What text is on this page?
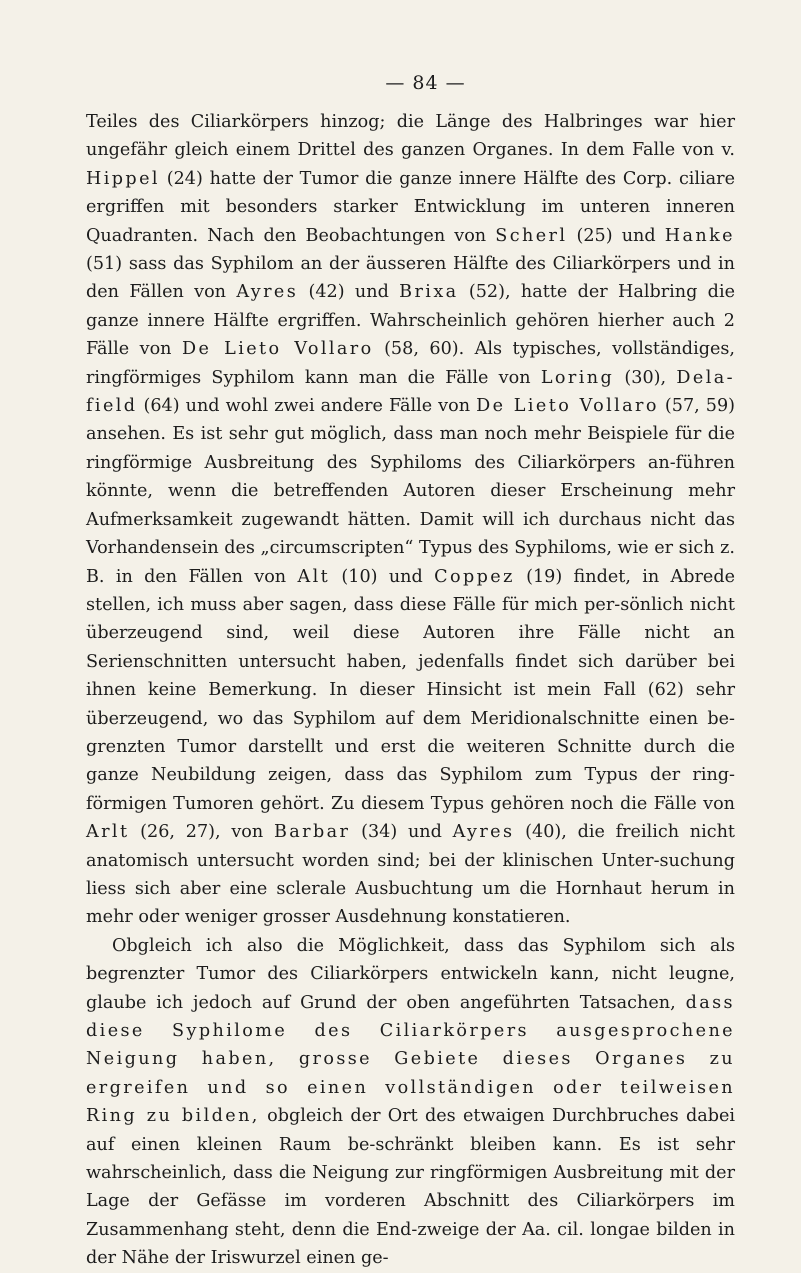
— 84 —

Teiles des Ciliarkörpers hinzog; die Länge des Halbringes war hier ungefähr gleich einem Drittel des ganzen Organes. In dem Falle von v. Hippel (24) hatte der Tumor die ganze innere Hälfte des Corp. ciliare ergriffen mit besonders starker Entwicklung im unteren inneren Quadranten. Nach den Beobachtungen von Scherl (25) und Hanke (51) sass das Syphilom an der äusseren Hälfte des Ciliarkörpers und in den Fällen von Ayres (42) und Brixa (52), hatte der Halbring die ganze innere Hälfte ergriffen. Wahrscheinlich gehören hierher auch 2 Fälle von De Lieto Vollaro (58, 60). Als typisches, vollständiges, ringförmiges Syphilom kann man die Fälle von Loring (30), Dela-field (64) und wohl zwei andere Fälle von De Lieto Vollaro (57, 59) ansehen. Es ist sehr gut möglich, dass man noch mehr Beispiele für die ringförmige Ausbreitung des Syphiloms des Ciliarkörpers an-führen könnte, wenn die betreffenden Autoren dieser Erscheinung mehr Aufmerksamkeit zugewandt hätten. Damit will ich durchaus nicht das Vorhandensein des „circumscripten“ Typus des Syphiloms, wie er sich z. B. in den Fällen von Alt (10) und Coppez (19) findet, in Abrede stellen, ich muss aber sagen, dass diese Fälle für mich per-sönlich nicht überzeugend sind, weil diese Autoren ihre Fälle nicht an Serienschnitten untersucht haben, jedenfalls findet sich darüber bei ihnen keine Bemerkung. In dieser Hinsicht ist mein Fall (62) sehr überzeugend, wo das Syphilom auf dem Meridionalschnitte einen be-grenzten Tumor darstellt und erst die weiteren Schnitte durch die ganze Neubildung zeigen, dass das Syphilom zum Typus der ring-förmigen Tumoren gehört. Zu diesem Typus gehören noch die Fälle von Arlt (26, 27), von Barbar (34) und Ayres (40), die freilich nicht anatomisch untersucht worden sind; bei der klinischen Unter-suchung liess sich aber eine sclerale Ausbuchtung um die Hornhaut herum in mehr oder weniger grosser Ausdehnung konstatieren.

Obgleich ich also die Möglichkeit, dass das Syphilom sich als begrenzter Tumor des Ciliarkörpers entwickeln kann, nicht leugne, glaube ich jedoch auf Grund der oben angeführten Tatsachen, dass diese Syphilome des Ciliarkörpers ausgesprochene Neigung haben, grosse Gebiete dieses Organes zu ergreifen und so einen vollständigen oder teilweisen Ring zu bilden, obgleich der Ort des etwaigen Durchbruches dabei auf einen kleinen Raum be-schränkt bleiben kann. Es ist sehr wahrscheinlich, dass die Neigung zur ringförmigen Ausbreitung mit der Lage der Gefässe im vorderen Abschnitt des Ciliarkörpers im Zusammenhang steht, denn die End-zweige der Aa. cil. longae bilden in der Nähe der Iriswurzel einen ge-
